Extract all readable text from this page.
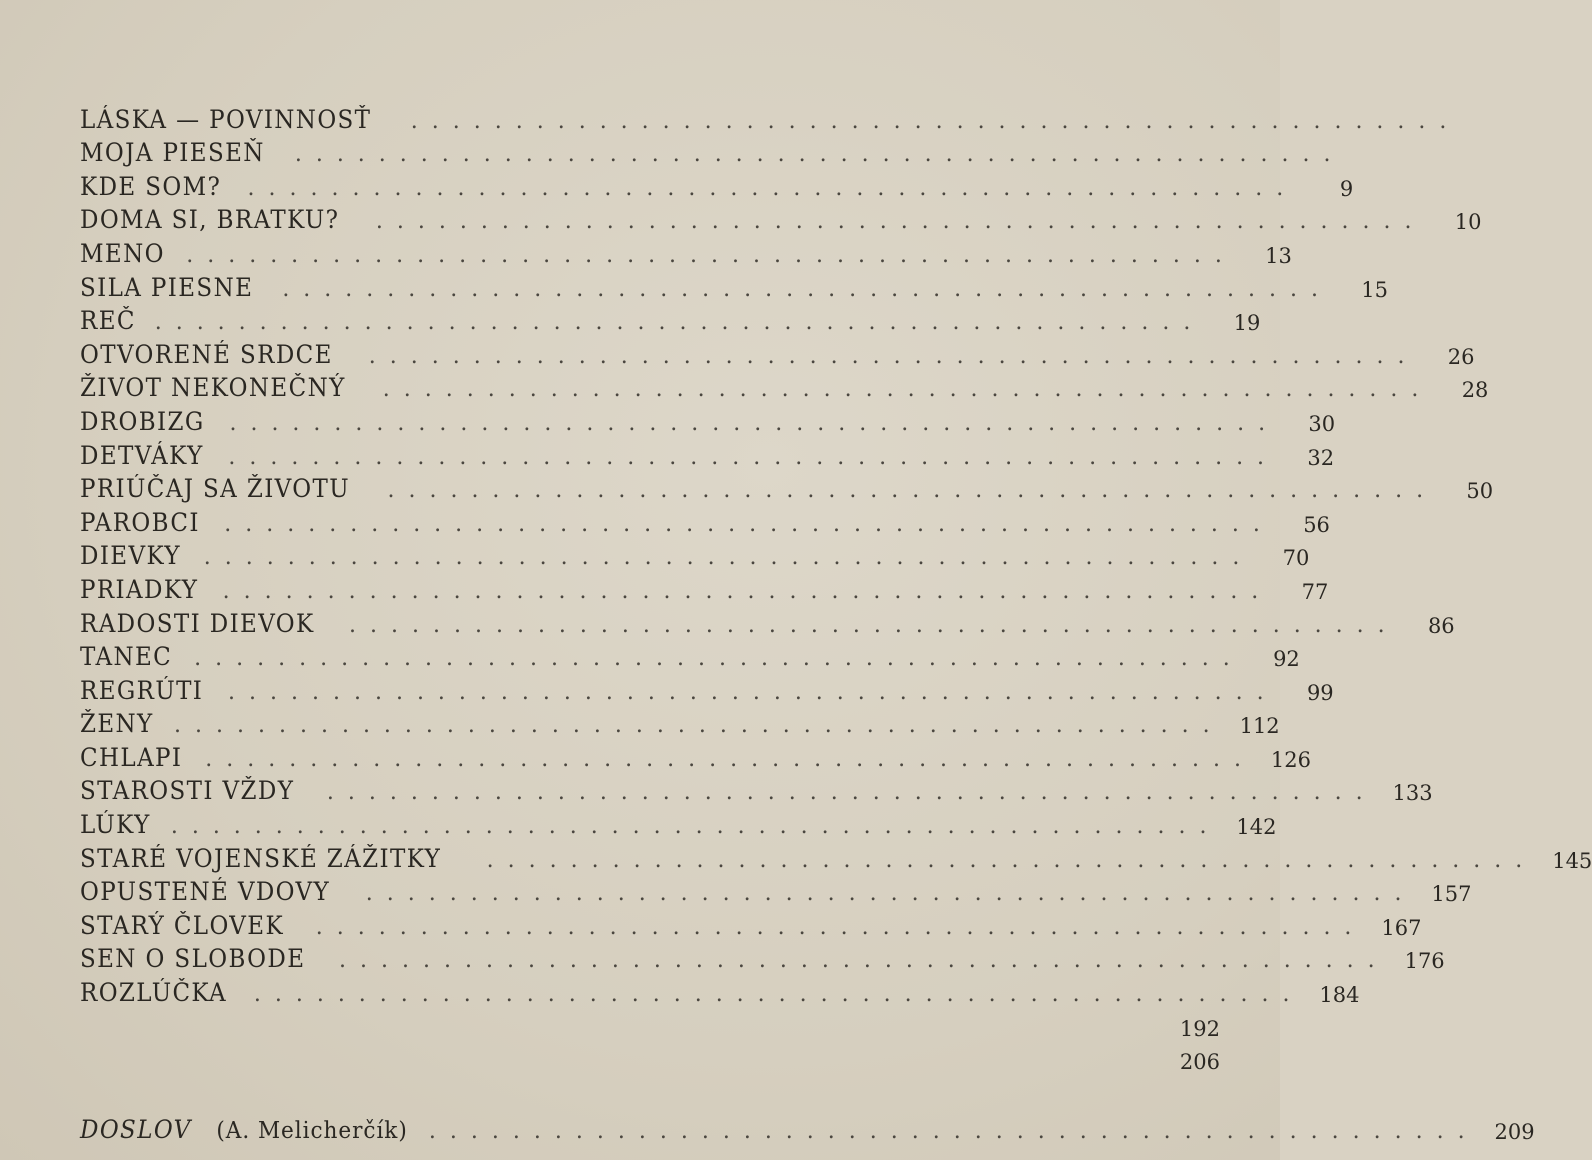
LÁSKA — POVINNOSŤ	..................................................
MOJA PIESEŇ	..................................................
KDE SOM?	..................................................	9
DOMA SI, BRATKU?	..................................................	10
MENO ..................................................	13
SILA PIESNE	..................................................	15
REČ ..................................................	19
OTVORENÉ SRDCE	..................................................	26
ŽIVOT NEKONEČNÝ	..................................................	28
DROBIZG	..................................................	30
DETVÁKY	..................................................	32
PRIÚČAJ SA ŽIVOTU	..................................................	50
PAROBCI	..................................................	56
DIEVKY	..................................................	70
PRIADKY	..................................................	77
RADOSTI DIEVOK	..................................................	86
TANEC	..................................................	92
REGRÚTI	..................................................	99
ŽENY .................................................. 112
CHLAPI	.................................................. 126
STAROSTI VŽDY	.................................................. 133
LÚKY .................................................. 142
STARÉ VOJENSKÉ ZÁŽITKY	.................................................. 145
OPUSTENÉ VDOVY	.................................................. 157
STARÝ ČLOVEK	.................................................. 167
SEN O SLOBODE	.................................................. 176
ROZLÚČKA	.................................................. 184
192
206
DOSLOV	(A. Melicherčík) .................................................. 209
